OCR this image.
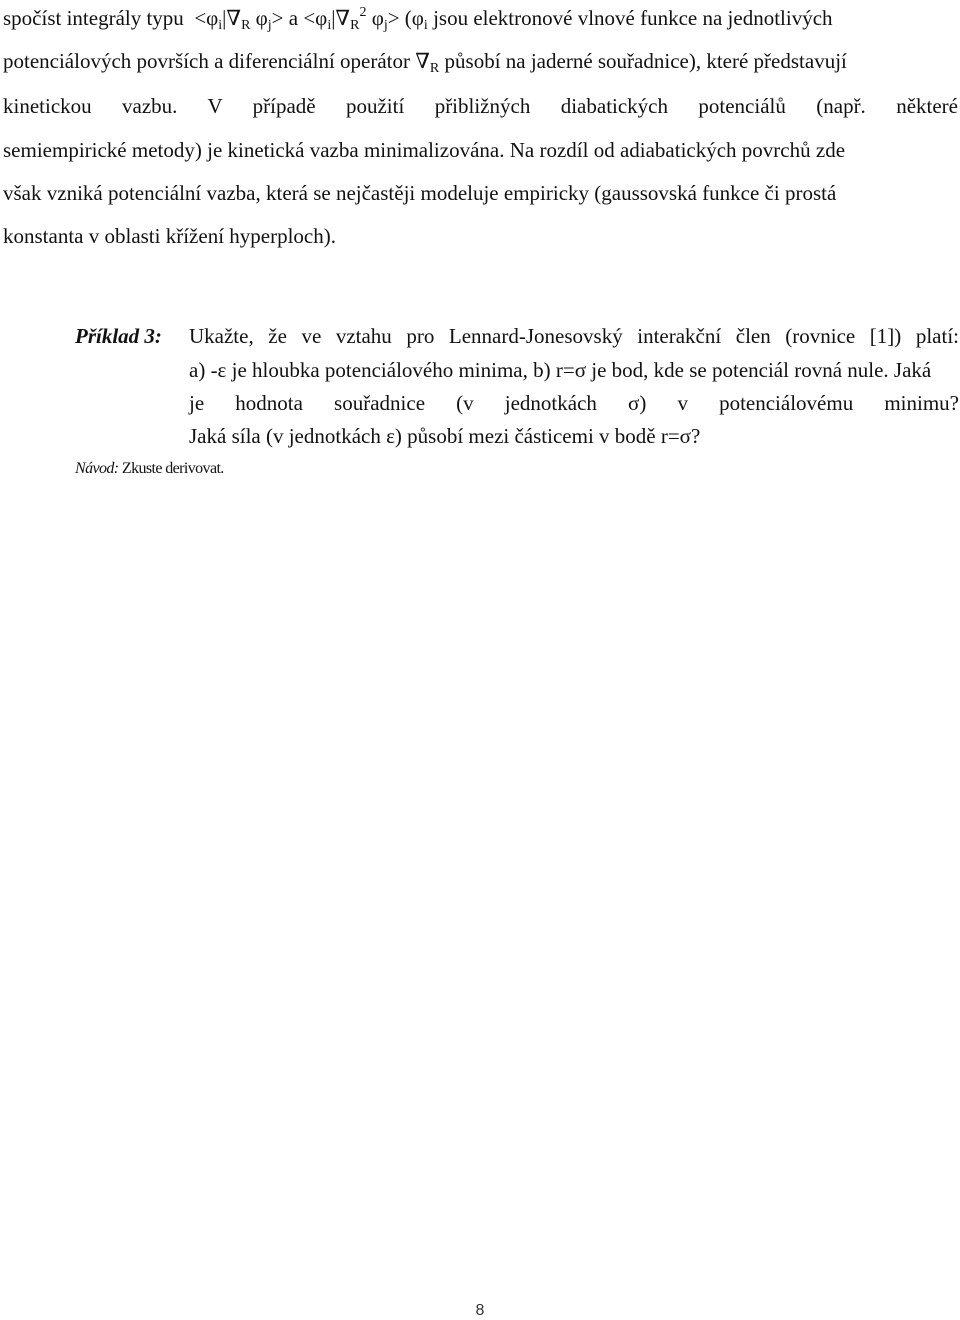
spočíst integrály typu $<\varphi_i|\nabla_R$ $\varphi_j> a <\varphi_i|\nabla_R^2$ $\varphi_j> (\varphi_i$ jsou elektronové vlnové funkce na jednotlivých
potenciálových površích a diferenciální operátor $\nabla_R$ působí na jaderné souřadnice), které představují
kinetickou vazbu. V případě použití přibližných diabatických potenciálů (např. některé
semiempirické metody) je kinetická vazba minimalizována. Na rozdíl od adiabatických povrchů zde
však vzniká potenciální vazba, která se nejčastěji modeluje empiricky (gaussovská funkce či prostá
konstanta v oblasti křížení hyperploch).
Příklad 3: Ukažte, že ve vztahu pro Lennard-Jonesovský interakční člen (rovnice [1]) platí:
a) -ε je hloubka potenciálového minima, b) r=σ je bod, kde se potenciál rovná nule. Jaká
je hodnota souřadnice (v jednotkách σ) v potenciálovému minimu?
Jaká síla (v jednotkách ε) působí mezi částicemi v bodě r=σ?
Návod: Zkuste derivovat.
8
